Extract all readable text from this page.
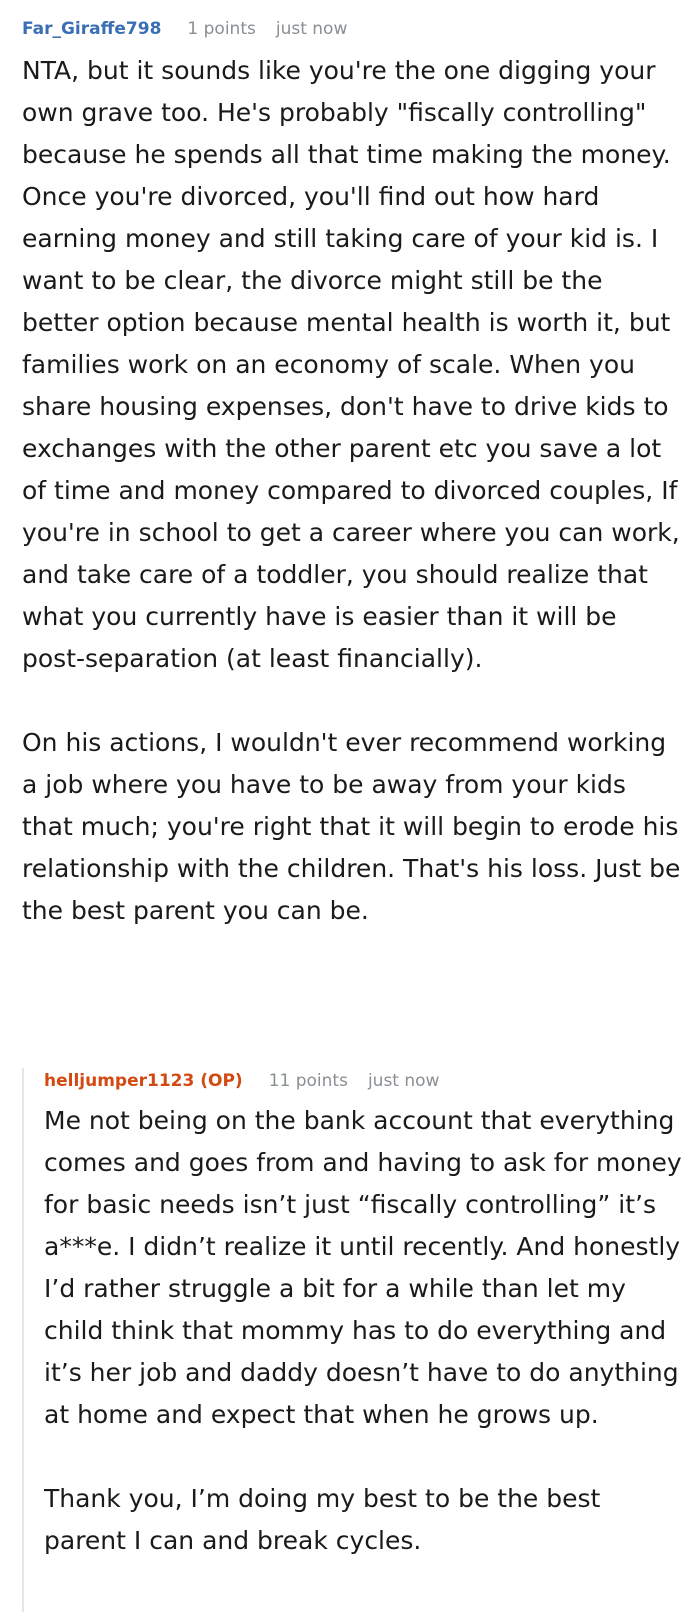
Far_Giraffe798 1 points just now

NTA, but it sounds like you're the one digging your own grave too. He's probably "fiscally controlling" because he spends all that time making the money. Once you're divorced, you'll find out how hard earning money and still taking care of your kid is. I want to be clear, the divorce might still be the better option because mental health is worth it, but families work on an economy of scale. When you share housing expenses, don't have to drive kids to exchanges with the other parent etc you save a lot of time and money compared to divorced couples, If you're in school to get a career where you can work, and take care of a toddler, you should realize that what you currently have is easier than it will be post-separation (at least financially).

On his actions, I wouldn't ever recommend working a job where you have to be away from your kids that much; you're right that it will begin to erode his relationship with the children. That's his loss. Just be the best parent you can be.

helljumper1123 (OP) 11 points just now

Me not being on the bank account that everything comes and goes from and having to ask for money for basic needs isn’t just “fiscally controlling” it’s a***e. I didn’t realize it until recently. And honestly I’d rather struggle a bit for a while than let my child think that mommy has to do everything and it’s her job and daddy doesn’t have to do anything at home and expect that when he grows up.

Thank you, I’m doing my best to be the best parent I can and break cycles.
